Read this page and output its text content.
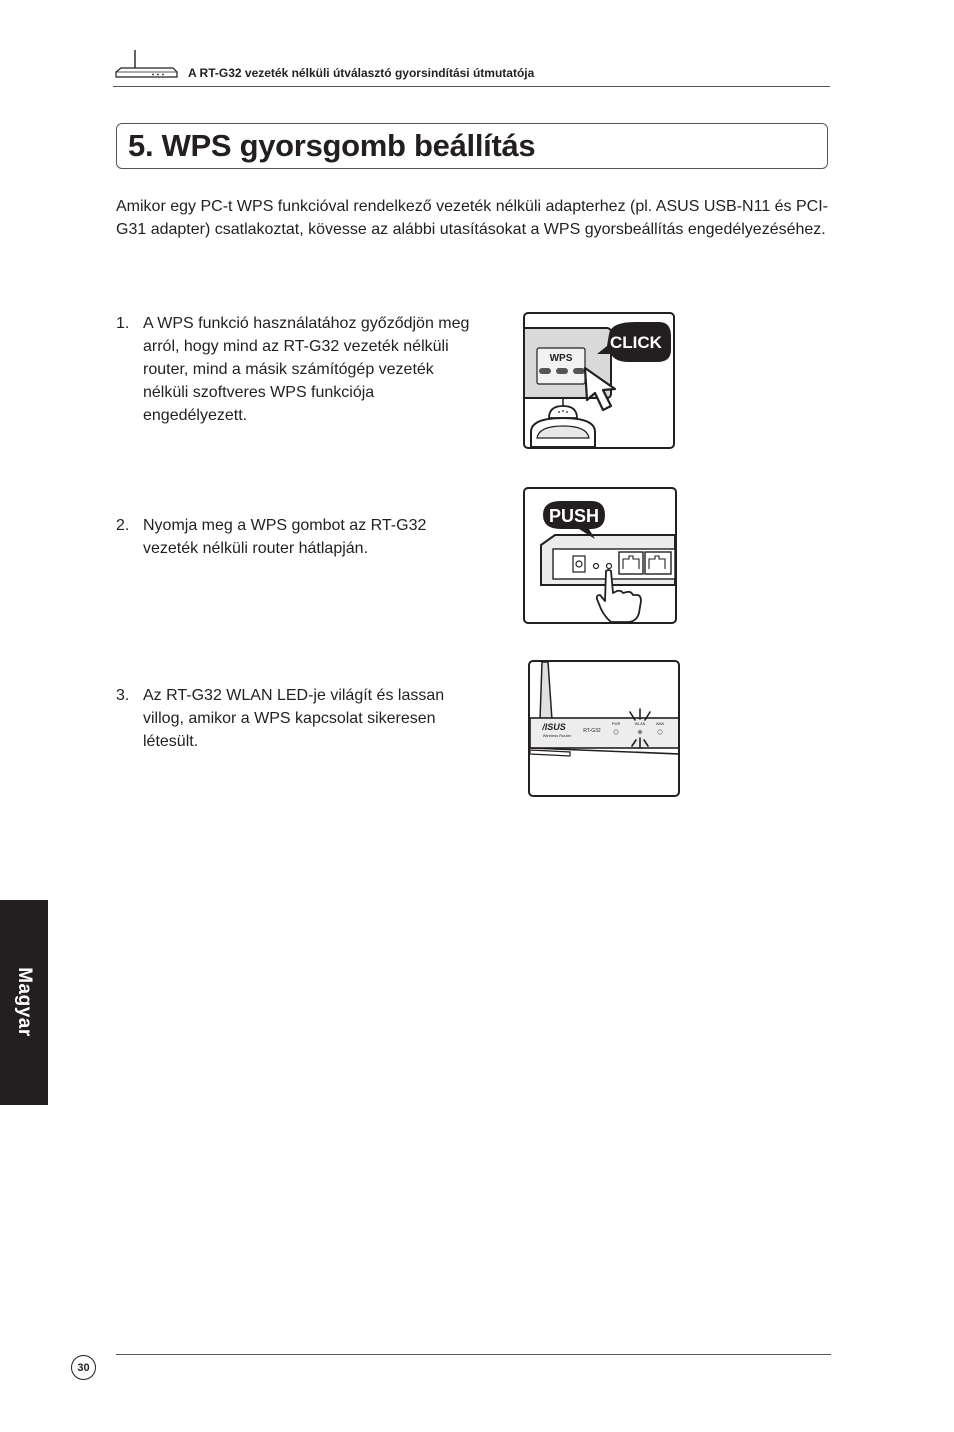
A RT-G32 vezeték nélküli útválasztó gyorsindítási útmutatója
5. WPS gyorsgomb beállítás
Amikor egy PC-t WPS funkcióval rendelkező vezeték nélküli adapterhez (pl. ASUS USB-N11 és PCI-G31 adapter) csatlakoztat, kövesse az alábbi utasításokat a WPS gyorsbeállítás engedélyezéséhez.
1. A WPS funkció használatához győződjön meg arról, hogy mind az RT-G32 vezeték nélküli router, mind a másik számítógép vezeték nélküli szoftveres WPS funkciója engedélyezett.
2. Nyomja meg a WPS gombot az RT-G32 vezeték nélküli router hátlapján.
3. Az RT-G32 WLAN LED-je világít és lassan villog, amikor a WPS kapcsolat sikeresen létesült.
WPS
CLICK
PUSH
/ISUS
Wireless Router
RT-G32
PWR	WLAN	WAN
Magyar
30
